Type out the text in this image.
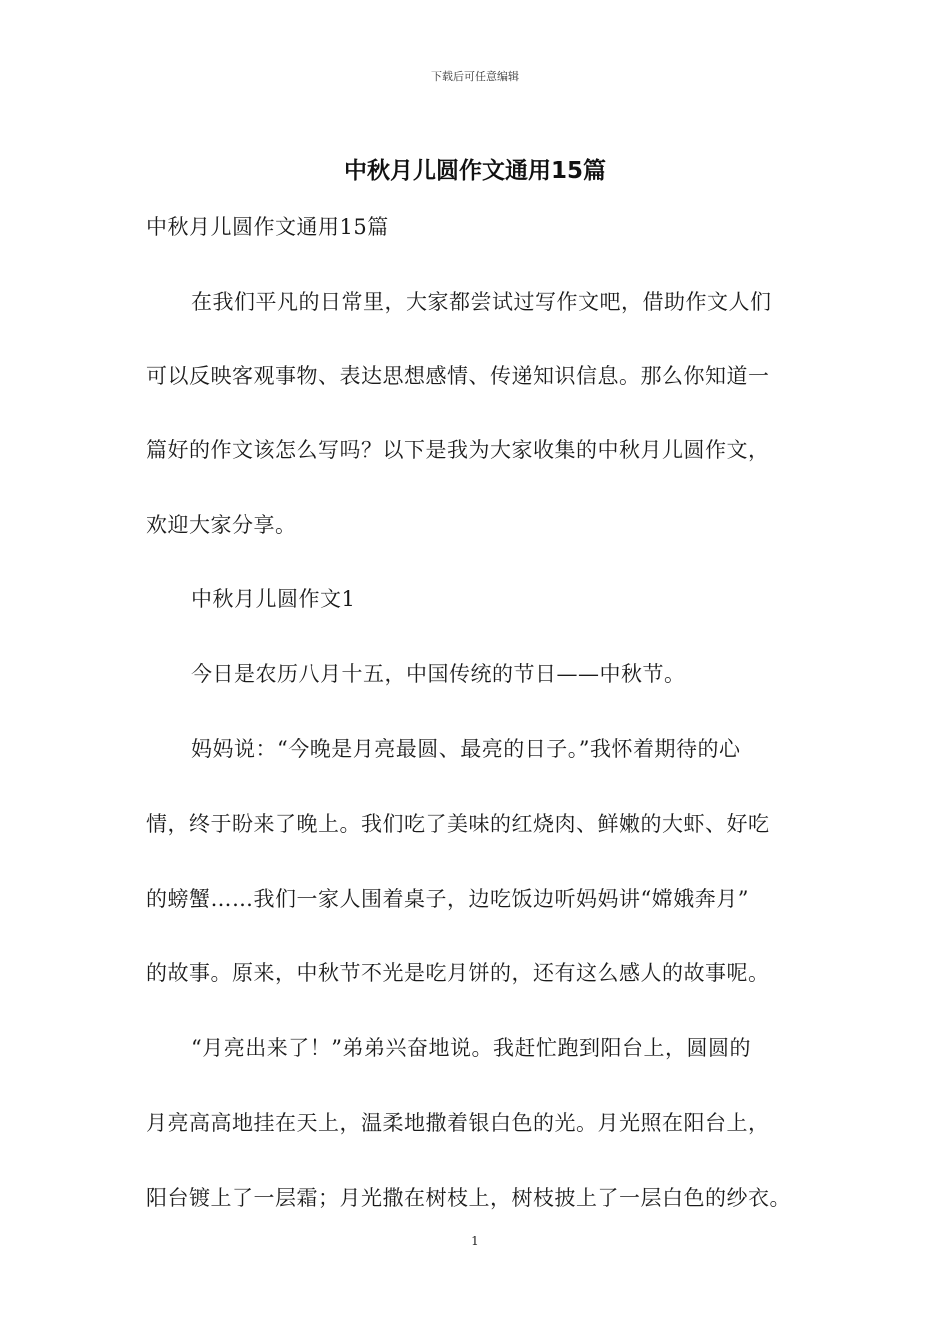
下载后可任意编辑
中秋月儿圆作文通用15篇
中秋月儿圆作文通用15篇
在我们平凡的日常里，大家都尝试过写作文吧，借助作文人们
可以反映客观事物、表达思想感情、传递知识信息。那么你知道一
篇好的作文该怎么写吗？以下是我为大家收集的中秋月儿圆作文，
欢迎大家分享。
中秋月儿圆作文1
今日是农历八月十五，中国传统的节日——中秋节。
妈妈说：“今晚是月亮最圆、最亮的日子。”我怀着期待的心
情，终于盼来了晚上。我们吃了美味的红烧肉、鲜嫩的大虾、好吃
的螃蟹……我们一家人围着桌子，边吃饭边听妈妈讲“嫦娥奔月”
的故事。原来，中秋节不光是吃月饼的，还有这么感人的故事呢。
“月亮出来了！”弟弟兴奋地说。我赶忙跑到阳台上，圆圆的
月亮高高地挂在天上，温柔地撒着银白色的光。月光照在阳台上，
阳台镀上了一层霜；月光撒在树枝上，树枝披上了一层白色的纱衣。
1
